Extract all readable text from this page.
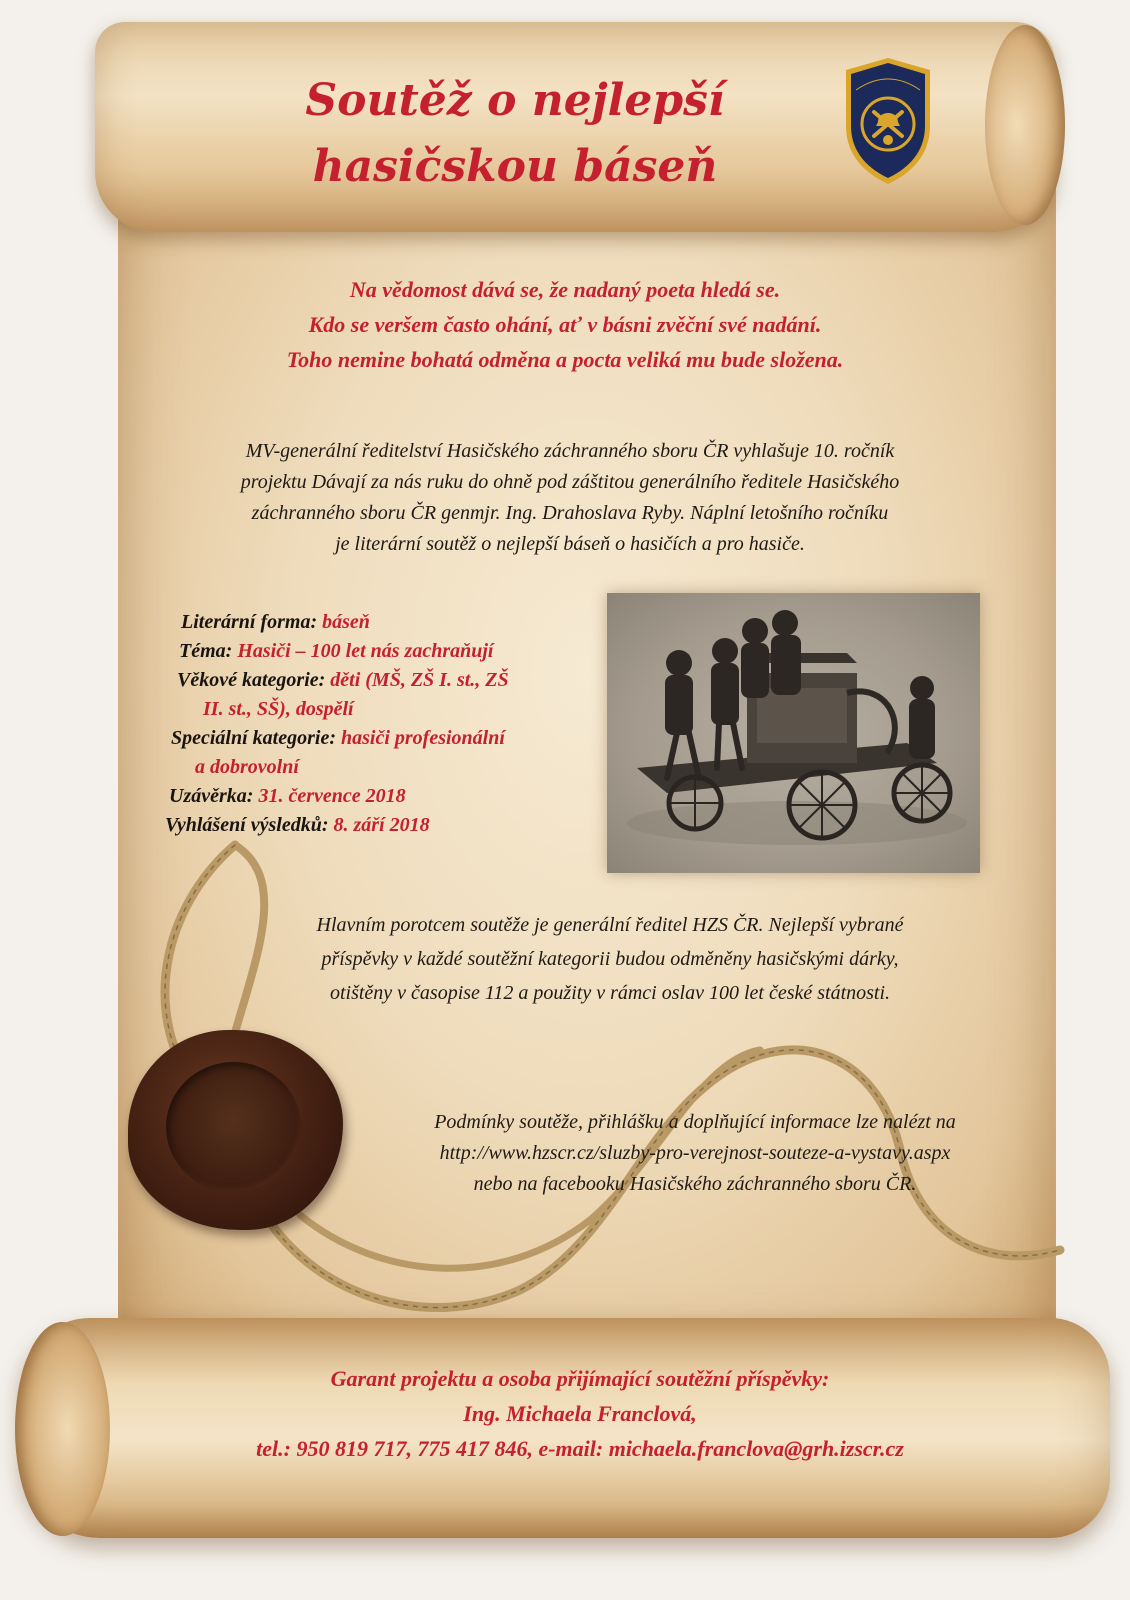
Soutěž o nejlepší
hasičskou báseň
Na vědomost dává se, že nadaný poeta hledá se.
Kdo se veršem často ohání, ať v básni zvěční své nadání.
Toho nemine bohatá odměna a pocta veliká mu bude složena.
MV-generální ředitelství Hasičského záchranného sboru ČR vyhlašuje 10. ročník
projektu Dávají za nás ruku do ohně pod záštitou generálního ředitele Hasičského
záchranného sboru ČR genmjr. Ing. Drahoslava Ryby. Náplní letošního ročníku
je literární soutěž o nejlepší báseň o hasičích a pro hasiče.
Literární forma: báseň
Téma: Hasiči – 100 let nás zachraňují
Věkové kategorie: děti (MŠ, ZŠ I. st., ZŠ
II. st., SŠ), dospělí
Speciální kategorie: hasiči profesionální
a dobrovolní
Uzávěrka: 31. července 2018
Vyhlášení výsledků: 8. září 2018
Hlavním porotcem soutěže je generální ředitel HZS ČR. Nejlepší vybrané
příspěvky v každé soutěžní kategorii budou odměněny hasičskými dárky,
otištěny v časopise 112 a použity v rámci oslav 100 let české státnosti.
Podmínky soutěže, přihlášku a doplňující informace lze nalézt na
http://www.hzscr.cz/sluzby-pro-verejnost-souteze-a-vystavy.aspx
nebo na facebooku Hasičského záchranného sboru ČR.
Garant projektu a osoba přijímající soutěžní příspěvky:
Ing. Michaela Franclová,
tel.: 950 819 717, 775 417 846, e-mail: michaela.franclova@grh.izscr.cz
